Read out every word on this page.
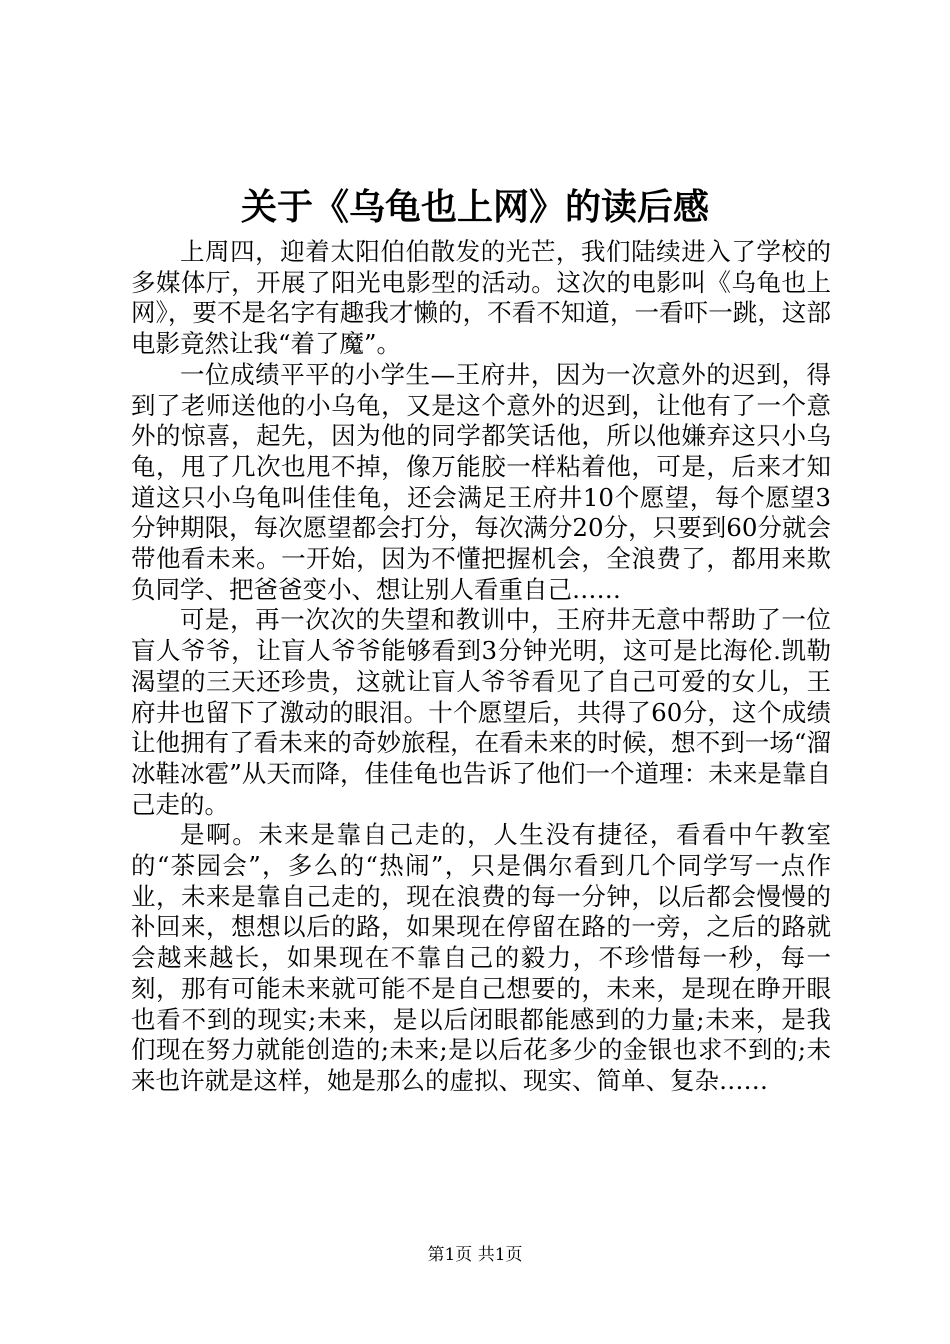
关于《乌龟也上网》的读后感

上周四，迎着太阳伯伯散发的光芒，我们陆续进入了学校的多媒体厅，开展了阳光电影型的活动。这次的电影叫《乌龟也上网》，要不是名字有趣我才懒的，不看不知道，一看吓一跳，这部电影竟然让我“着了魔”。

一位成绩平平的小学生—王府井，因为一次意外的迟到，得到了老师送他的小乌龟，又是这个意外的迟到，让他有了一个意外的惊喜，起先，因为他的同学都笑话他，所以他嫌弃这只小乌龟，甩了几次也甩不掉，像万能胶一样粘着他，可是，后来才知道这只小乌龟叫佳佳龟，还会满足王府井10个愿望，每个愿望3分钟期限，每次愿望都会打分，每次满分20分，只要到60分就会带他看未来。一开始，因为不懂把握机会，全浪费了，都用来欺负同学、把爸爸变小、想让别人看重自己……

可是，再一次次的失望和教训中，王府井无意中帮助了一位盲人爷爷，让盲人爷爷能够看到3分钟光明，这可是比海伦.凯勒渴望的三天还珍贵，这就让盲人爷爷看见了自己可爱的女儿，王府井也留下了激动的眼泪。十个愿望后，共得了60分，这个成绩让他拥有了看未来的奇妙旅程，在看未来的时候，想不到一场“溜冰鞋冰雹”从天而降，佳佳龟也告诉了他们一个道理：未来是靠自己走的。

是啊。未来是靠自己走的，人生没有捷径，看看中午教室的“茶园会”，多么的“热闹”，只是偶尔看到几个同学写一点作业，未来是靠自己走的，现在浪费的每一分钟，以后都会慢慢的补回来，想想以后的路，如果现在停留在路的一旁，之后的路就会越来越长，如果现在不靠自己的毅力，不珍惜每一秒，每一刻，那有可能未来就可能不是自己想要的，未来，是现在睁开眼也看不到的现实;未来，是以后闭眼都能感到的力量;未来，是我们现在努力就能创造的;未来;是以后花多少的金银也求不到的;未来也许就是这样，她是那么的虚拟、现实、简单、复杂……

第1页 共1页
